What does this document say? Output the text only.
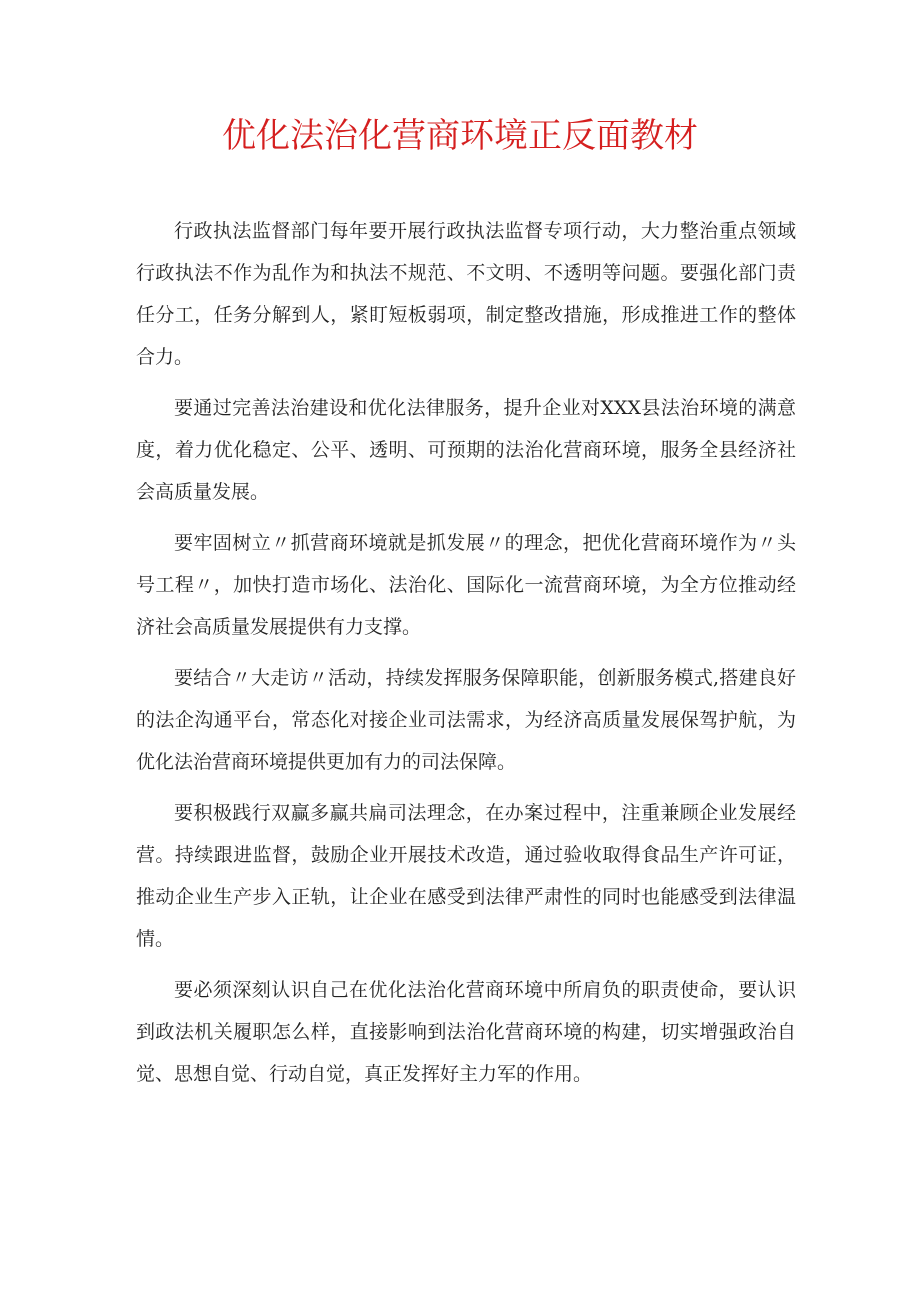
优化法治化营商环境正反面教材

行政执法监督部门每年要开展行政执法监督专项行动，大力整治重点领域行政执法不作为乱作为和执法不规范、不文明、不透明等问题。要强化部门责任分工，任务分解到人，紧盯短板弱项，制定整改措施，形成推进工作的整体合力。

要通过完善法治建设和优化法律服务，提升企业对XXX县法治环境的满意度，着力优化稳定、公平、透明、可预期的法治化营商环境，服务全县经济社会高质量发展。

要牢固树立〃抓营商环境就是抓发展〃的理念，把优化营商环境作为〃头号工程〃，加快打造市场化、法治化、国际化一流营商环境，为全方位推动经济社会高质量发展提供有力支撑。

要结合〃大走访〃活动，持续发挥服务保障职能，创新服务模式,搭建良好的法企沟通平台，常态化对接企业司法需求，为经济高质量发展保驾护航，为优化法治营商环境提供更加有力的司法保障。

要积极践行双赢多赢共扁司法理念，在办案过程中，注重兼顾企业发展经营。持续跟进监督，鼓励企业开展技术改造，通过验收取得食品生产许可证，推动企业生产步入正轨，让企业在感受到法律严肃性的同时也能感受到法律温情。

要必须深刻认识自己在优化法治化营商环境中所肩负的职责使命，要认识到政法机关履职怎么样，直接影响到法治化营商环境的构建，切实增强政治自觉、思想自觉、行动自觉，真正发挥好主力军的作用。
